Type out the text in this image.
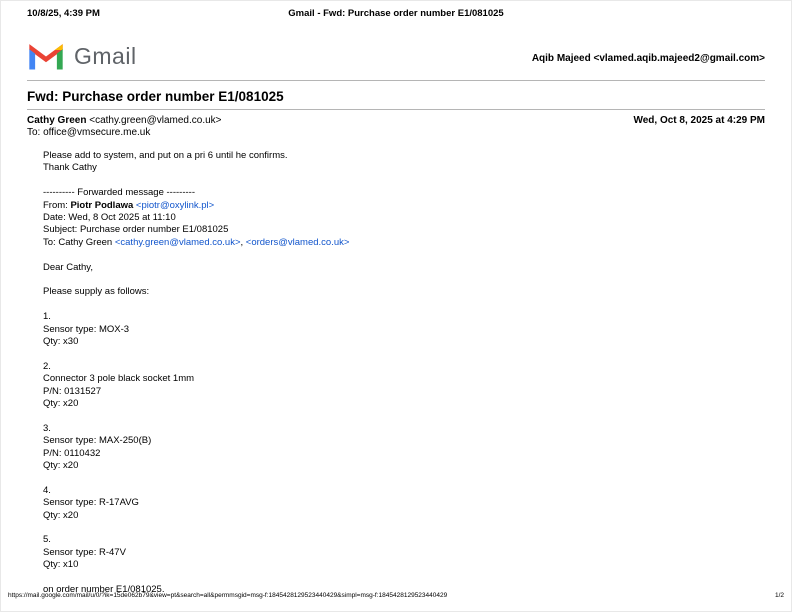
10/8/25, 4:39 PM	Gmail - Fwd: Purchase order number E1/081025
Gmail	Aqib Majeed <vlamed.aqib.majeed2@gmail.com>
Fwd: Purchase order number E1/081025
Cathy Green <cathy.green@vlamed.co.uk>	Wed, Oct 8, 2025 at 4:29 PM
To: office@vmsecure.me.uk
Please add to system, and put on a pri 6 until he confirms.
Thank Cathy
---------- Forwarded message ---------
From: Piotr Podlawa <piotr@oxylink.pl>
Date: Wed, 8 Oct 2025 at 11:10
Subject: Purchase order number E1/081025
To: Cathy Green <cathy.green@vlamed.co.uk>, <orders@vlamed.co.uk>
Dear Cathy,
Please supply as follows:
1.
Sensor type: MOX-3
Qty: x30
2.
Connector 3 pole black socket 1mm
P/N: 0131527
Qty: x20
3.
Sensor type: MAX-250(B)
P/N: 0110432
Qty: x20
4.
Sensor type: R-17AVG
Qty: x20
5.
Sensor type: R-47V
Qty: x10
on order number E1/081025.
https://mail.google.com/mail/u/0/?ik=15de062b79&view=pt&search=all&permmsgid=msg-f:1845428129523440429&simpl=msg-f:1845428129523440429	1/2
